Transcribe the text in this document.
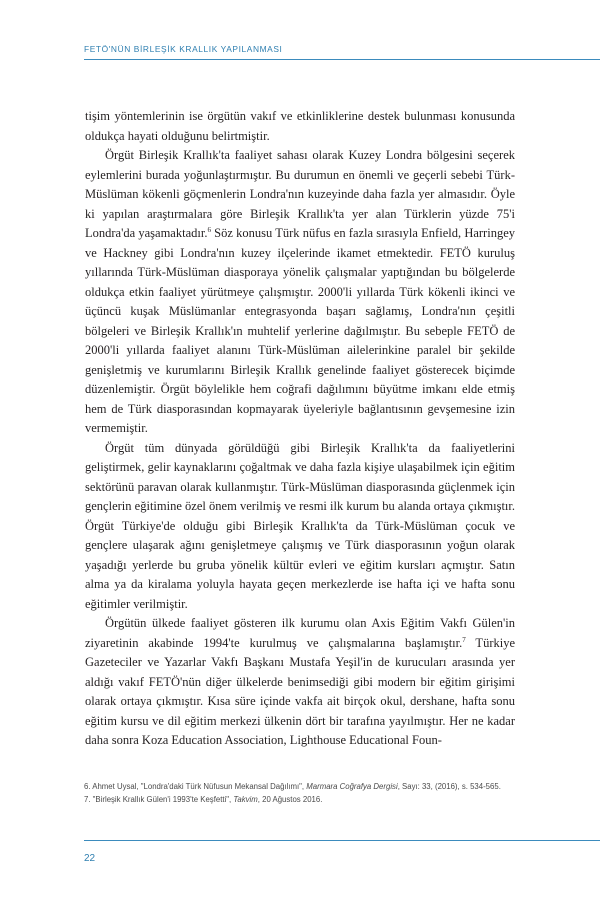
FETÖ'NÜN BİRLEŞİK KRALLIK YAPILANMASI

tişim yöntemlerinin ise örgütün vakıf ve etkinliklerine destek bulunması konusunda oldukça hayati olduğunu belirtmiştir.

Örgüt Birleşik Krallık'ta faaliyet sahası olarak Kuzey Londra bölgesini seçerek eylemlerini burada yoğunlaştırmıştır. Bu durumun en önemli ve geçerli sebebi Türk-Müslüman kökenli göçmenlerin Londra'nın kuzeyinde daha fazla yer almasıdır. Öyle ki yapılan araştırmalara göre Birleşik Krallık'ta yer alan Türklerin yüzde 75'i Londra'da yaşamaktadır.$^6$ Söz konusu Türk nüfus en fazla sırasıyla Enfield, Harringey ve Hackney gibi Londra'nın kuzey ilçelerinde ikamet etmektedir. FETÖ kuruluş yıllarında Türk-Müslüman diasporaya yönelik çalışmalar yaptığından bu bölgelerde oldukça etkin faaliyet yürütmeye çalışmıştır. 2000'li yıllarda Türk kökenli ikinci ve üçüncü kuşak Müslümanlar entegrasyonda başarı sağlamış, Londra'nın çeşitli bölgeleri ve Birleşik Krallık'ın muhtelif yerlerine dağılmıştır. Bu sebeple FETÖ de 2000'li yıllarda faaliyet alanını Türk-Müslüman ailelerinkine paralel bir şekilde genişletmiş ve kurumlarını Birleşik Krallık genelinde faaliyet gösterecek biçimde düzenlemiştir. Örgüt böylelikle hem coğrafi dağılımını büyütme imkanı elde etmiş hem de Türk diasporasından kopmayarak üyeleriyle bağlantısının gevşemesine izin vermemiştir.

Örgüt tüm dünyada görüldüğü gibi Birleşik Krallık'ta da faaliyetlerini geliştirmek, gelir kaynaklarını çoğaltmak ve daha fazla kişiye ulaşabilmek için eğitim sektörünü paravan olarak kullanmıştır. Türk-Müslüman diasporasında güçlenmek için gençlerin eğitimine özel önem verilmiş ve resmi ilk kurum bu alanda ortaya çıkmıştır. Örgüt Türkiye'de olduğu gibi Birleşik Krallık'ta da Türk-Müslüman çocuk ve gençlere ulaşarak ağını genişletmeye çalışmış ve Türk diasporasının yoğun olarak yaşadığı yerlerde bu gruba yönelik kültür evleri ve eğitim kursları açmıştır. Satın alma ya da kiralama yoluyla hayata geçen merkezlerde ise hafta içi ve hafta sonu eğitimler verilmiştir.

Örgütün ülkede faaliyet gösteren ilk kurumu olan Axis Eğitim Vakfı Gülen'in ziyaretinin akabinde 1994'te kurulmuş ve çalışmalarına başlamıştır.$^7$ Türkiye Gazeteciler ve Yazarlar Vakfı Başkanı Mustafa Yeşil'in de kurucuları arasında yer aldığı vakıf FETÖ'nün diğer ülkelerde benimsediği gibi modern bir eğitim girişimi olarak ortaya çıkmıştır. Kısa süre içinde vakfa ait birçok okul, dershane, hafta sonu eğitim kursu ve dil eğitim merkezi ülkenin dört bir tarafına yayılmıştır. Her ne kadar daha sonra Koza Education Association, Lighthouse Educational Foun-

6. Ahmet Uysal, "Londra'daki Türk Nüfusun Mekansal Dağılımı", Marmara Coğrafya Dergisi, Sayı: 33, (2016), s. 534-565.

7. "Birleşik Krallık Gülen'i 1993'te Keşfetti", Takvim, 20 Ağustos 2016.

22
